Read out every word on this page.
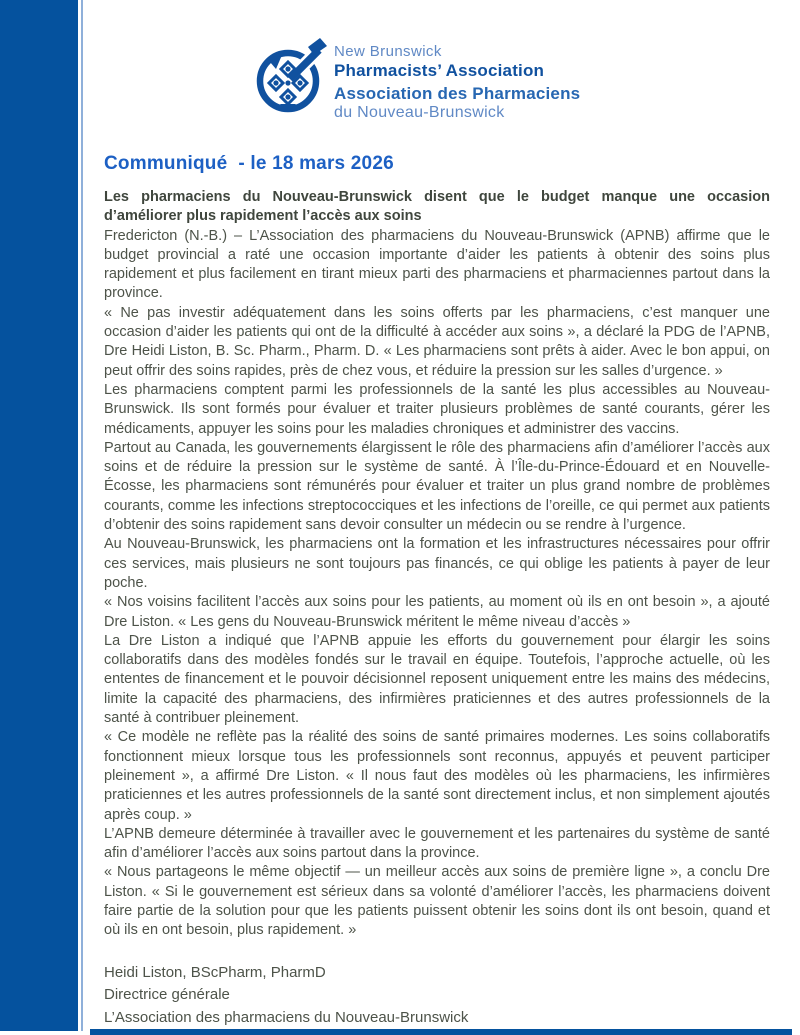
New Brunswick
Pharmacists’ Association
Association des Pharmaciens
du Nouveau-Brunswick
Communiqué  - le 18 mars 2026

Les pharmaciens du Nouveau-Brunswick disent que le budget manque une occasion d’améliorer plus rapidement l’accès aux soins

Fredericton (N.-B.) – L’Association des pharmaciens du Nouveau-Brunswick (APNB) affirme que le budget provincial a raté une occasion importante d’aider les patients à obtenir des soins plus rapidement et plus facilement en tirant mieux parti des pharmaciens et pharmaciennes partout dans la province.

« Ne pas investir adéquatement dans les soins offerts par les pharmaciens, c’est manquer une occasion d’aider les patients qui ont de la difficulté à accéder aux soins », a déclaré la PDG de l’APNB, Dre Heidi Liston, B. Sc. Pharm., Pharm. D. « Les pharmaciens sont prêts à aider. Avec le bon appui, on peut offrir des soins rapides, près de chez vous, et réduire la pression sur les salles d’urgence. »

Les pharmaciens comptent parmi les professionnels de la santé les plus accessibles au Nouveau-Brunswick. Ils sont formés pour évaluer et traiter plusieurs problèmes de santé courants, gérer les médicaments, appuyer les soins pour les maladies chroniques et administrer des vaccins.

Partout au Canada, les gouvernements élargissent le rôle des pharmaciens afin d’améliorer l’accès aux soins et de réduire la pression sur le système de santé. À l’Île-du-Prince-Édouard et en Nouvelle-Écosse, les pharmaciens sont rémunérés pour évaluer et traiter un plus grand nombre de problèmes courants, comme les infections streptococciques et les infections de l’oreille, ce qui permet aux patients d’obtenir des soins rapidement sans devoir consulter un médecin ou se rendre à l’urgence.

Au Nouveau-Brunswick, les pharmaciens ont la formation et les infrastructures nécessaires pour offrir ces services, mais plusieurs ne sont toujours pas financés, ce qui oblige les patients à payer de leur poche.

« Nos voisins facilitent l’accès aux soins pour les patients, au moment où ils en ont besoin », a ajouté Dre Liston. « Les gens du Nouveau-Brunswick méritent le même niveau d’accès »

La Dre Liston a indiqué que l’APNB appuie les efforts du gouvernement pour élargir les soins collaboratifs dans des modèles fondés sur le travail en équipe. Toutefois, l’approche actuelle, où les ententes de financement et le pouvoir décisionnel reposent uniquement entre les mains des médecins, limite la capacité des pharmaciens, des infirmières praticiennes et des autres professionnels de la santé à contribuer pleinement.

« Ce modèle ne reflète pas la réalité des soins de santé primaires modernes. Les soins collaboratifs fonctionnent mieux lorsque tous les professionnels sont reconnus, appuyés et peuvent participer pleinement », a affirmé Dre Liston. « Il nous faut des modèles où les pharmaciens, les infirmières praticiennes et les autres professionnels de la santé sont directement inclus, et non simplement ajoutés après coup. »

L’APNB demeure déterminée à travailler avec le gouvernement et les partenaires du système de santé afin d’améliorer l’accès aux soins partout dans la province.

« Nous partageons le même objectif — un meilleur accès aux soins de première ligne », a conclu Dre Liston. « Si le gouvernement est sérieux dans sa volonté d’améliorer l’accès, les pharmaciens doivent faire partie de la solution pour que les patients puissent obtenir les soins dont ils ont besoin, quand et où ils en ont besoin, plus rapidement. »

Heidi Liston, BScPharm, PharmD
Directrice générale
L’Association des pharmaciens du Nouveau-Brunswick
